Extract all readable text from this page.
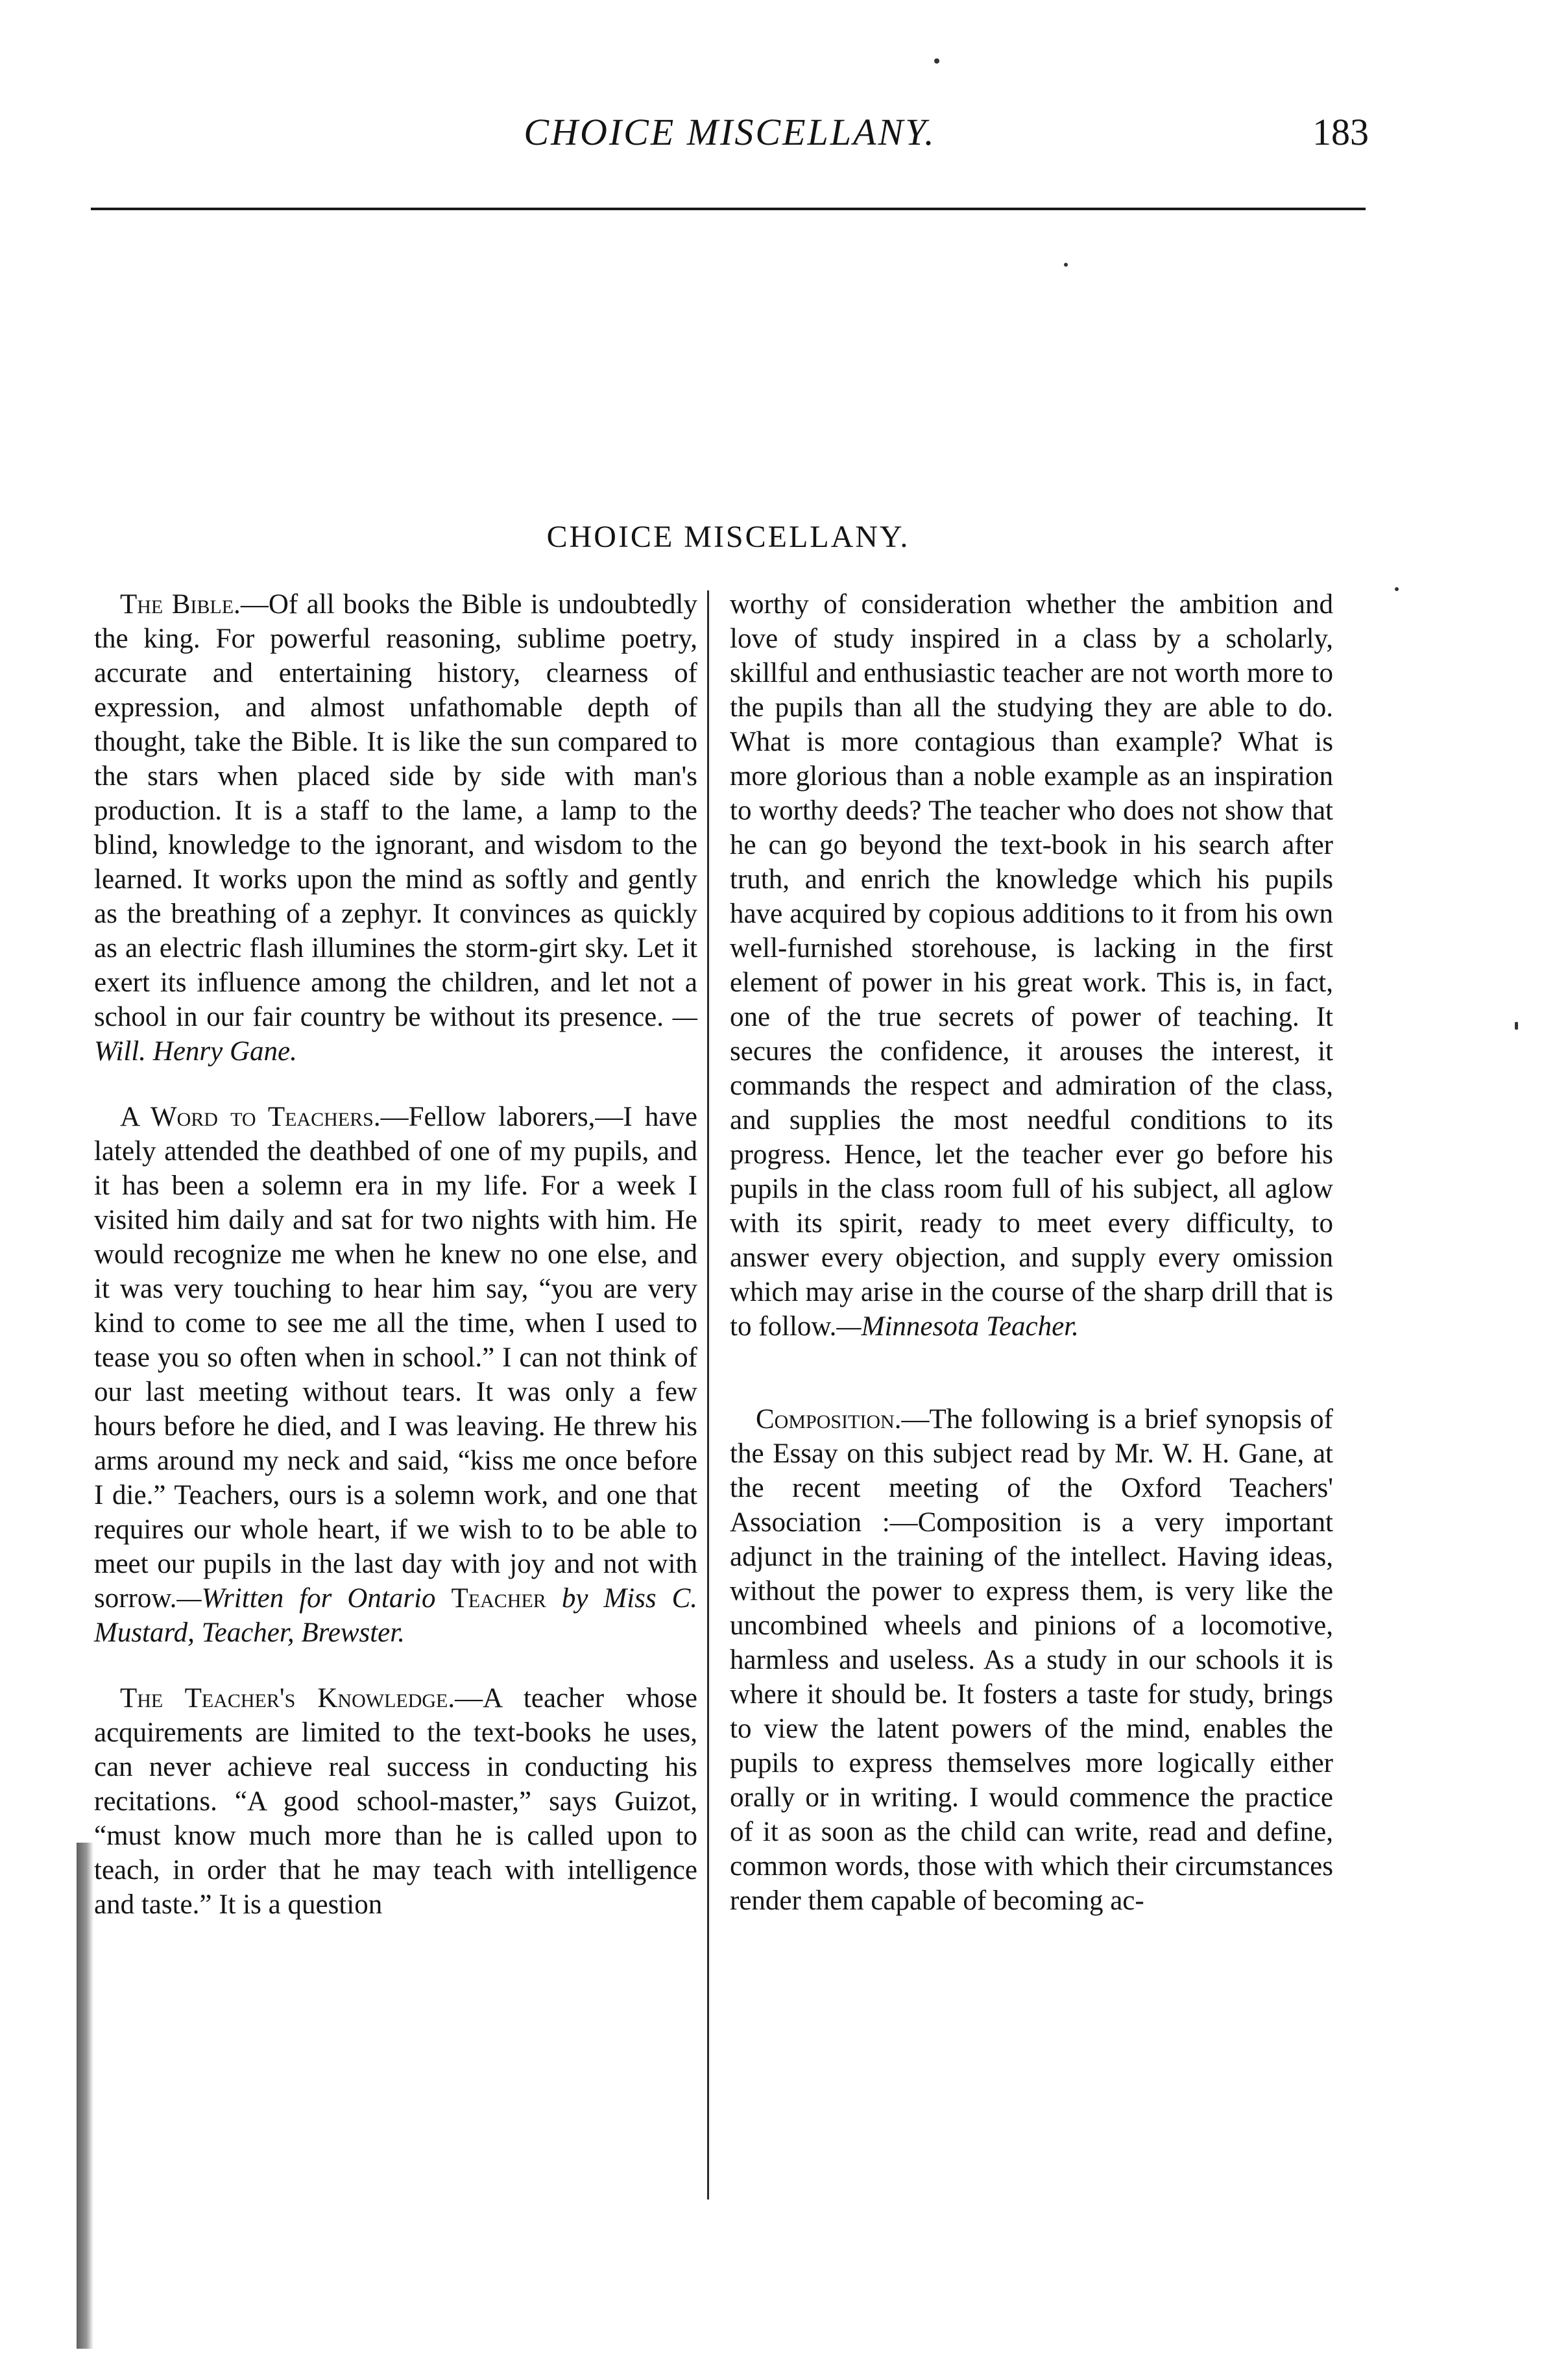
CHOICE MISCELLANY.	183
CHOICE MISCELLANY.

The Bible.—Of all books the Bible is undoubtedly the king. For powerful reasoning, sublime poetry, accurate and entertaining history, clearness of expression, and almost unfathomable depth of thought, take the Bible. It is like the sun compared to the stars when placed side by side with man's production. It is a staff to the lame, a lamp to the blind, knowledge to the ignorant, and wisdom to the learned. It works upon the mind as softly and gently as the breathing of a zephyr. It convinces as quickly as an electric flash illumines the storm-girt sky. Let it exert its influence among the children, and let not a school in our fair country be without its presence. —Will. Henry Gane.

A Word to Teachers.—Fellow laborers,—I have lately attended the deathbed of one of my pupils, and it has been a solemn era in my life. For a week I visited him daily and sat for two nights with him. He would recognize me when he knew no one else, and it was very touching to hear him say, “you are very kind to come to see me all the time, when I used to tease you so often when in school.” I can not think of our last meeting without tears. It was only a few hours before he died, and I was leaving. He threw his arms around my neck and said, “kiss me once before I die.” Teachers, ours is a solemn work, and one that requires our whole heart, if we wish to to be able to meet our pupils in the last day with joy and not with sorrow.—Written for Ontario Teacher by Miss C. Mustard, Teacher, Brewster.

The Teacher's Knowledge.—A teacher whose acquirements are limited to the text-books he uses, can never achieve real success in conducting his recitations. “A good school-master,” says Guizot, “must know much more than he is called upon to teach, in order that he may teach with intelligence and taste.” It is a question

worthy of consideration whether the ambition and love of study inspired in a class by a scholarly, skillful and enthusiastic teacher are not worth more to the pupils than all the studying they are able to do. What is more contagious than example? What is more glorious than a noble example as an inspiration to worthy deeds? The teacher who does not show that he can go beyond the text-book in his search after truth, and enrich the knowledge which his pupils have acquired by copious additions to it from his own well-furnished storehouse, is lacking in the first element of power in his great work. This is, in fact, one of the true secrets of power of teaching. It secures the confidence, it arouses the interest, it commands the respect and admiration of the class, and supplies the most needful conditions to its progress. Hence, let the teacher ever go before his pupils in the class room full of his subject, all aglow with its spirit, ready to meet every difficulty, to answer every objection, and supply every omission which may arise in the course of the sharp drill that is to follow.—Minnesota Teacher.

Composition.—The following is a brief synopsis of the Essay on this subject read by Mr. W. H. Gane, at the recent meeting of the Oxford Teachers' Association :—Composition is a very important adjunct in the training of the intellect. Having ideas, without the power to express them, is very like the uncombined wheels and pinions of a locomotive, harmless and useless. As a study in our schools it is where it should be. It fosters a taste for study, brings to view the latent powers of the mind, enables the pupils to express themselves more logically either orally or in writing. I would commence the practice of it as soon as the child can write, read and define, common words, those with which their circumstances render them capable of becoming ac-
